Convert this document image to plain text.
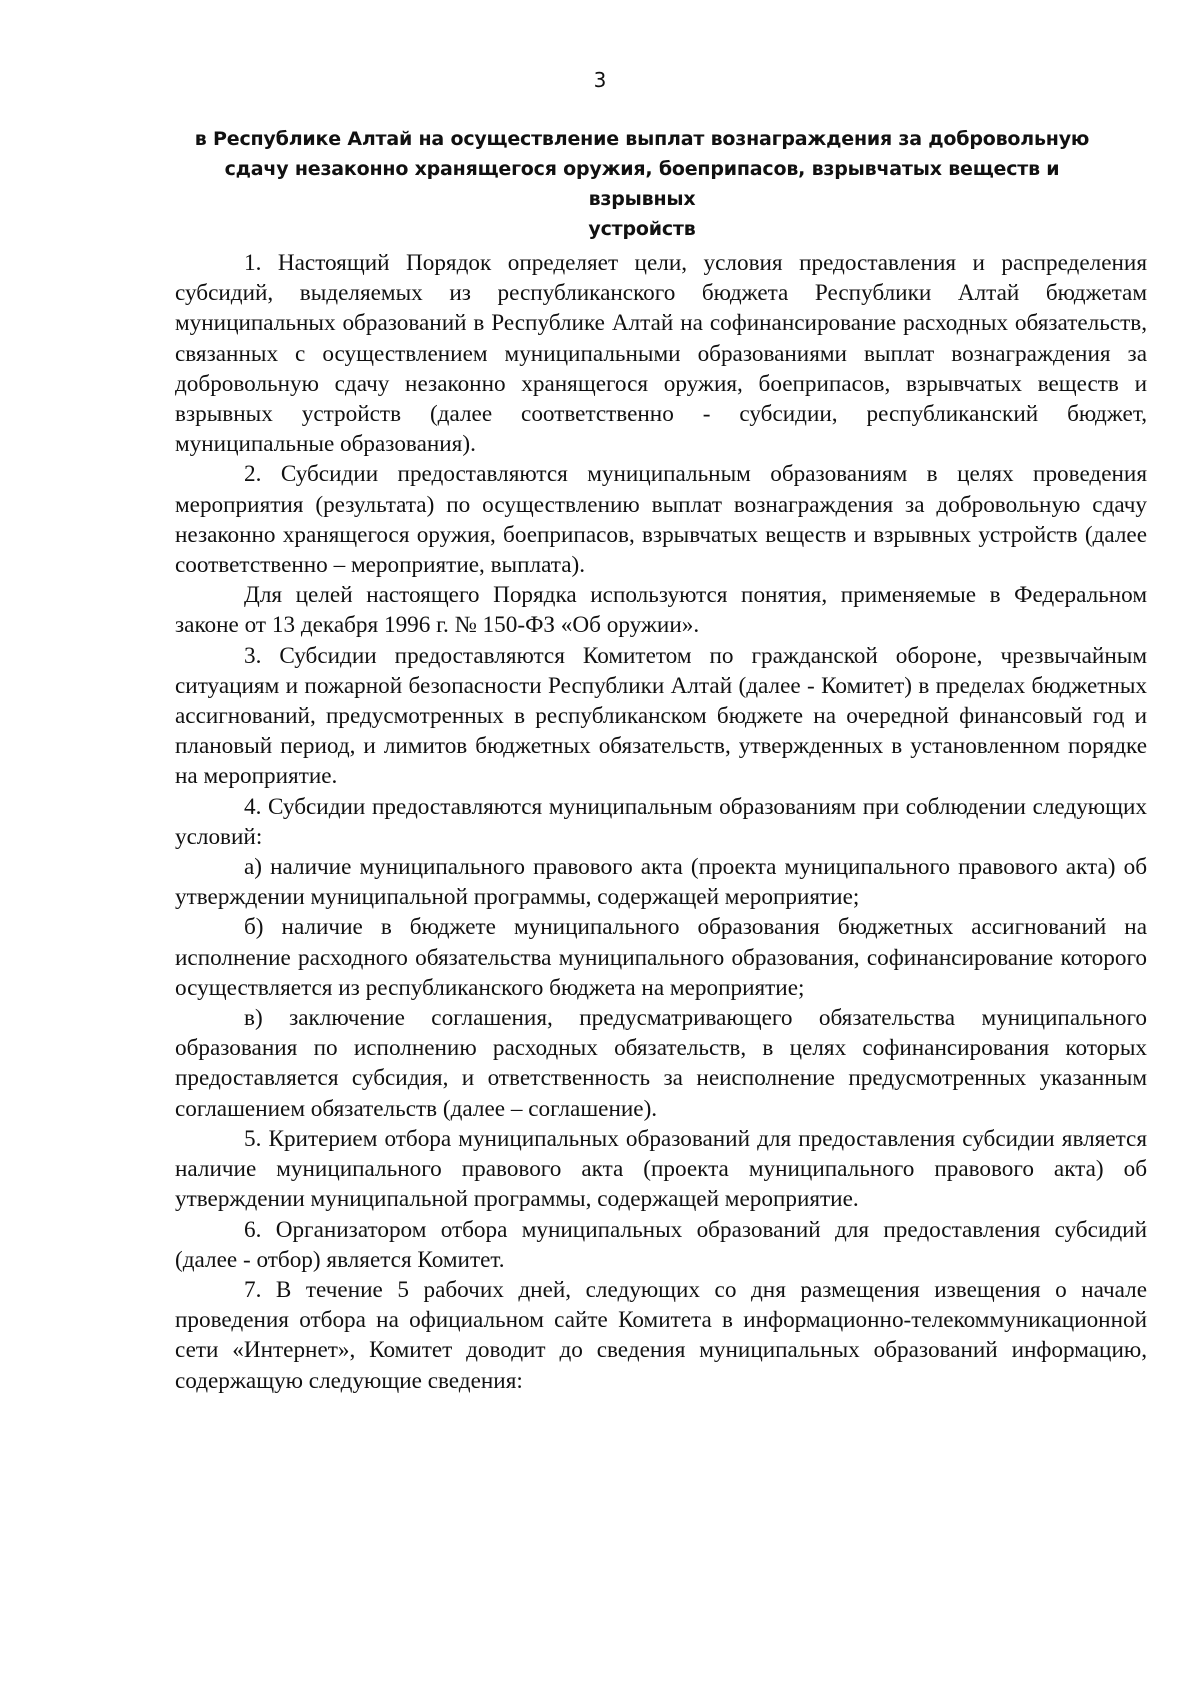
3
в Республике Алтай на осуществление выплат вознаграждения за добровольную
сдачу незаконно хранящегося оружия, боеприпасов, взрывчатых веществ и взрывных
устройств

1. Настоящий Порядок определяет цели, условия предоставления и распределения субсидий, выделяемых из республиканского бюджета Республики Алтай бюджетам муниципальных образований в Республике Алтай на софинансирование расходных обязательств, связанных с осуществлением муниципальными образованиями выплат вознаграждения за добровольную сдачу незаконно хранящегося оружия, боеприпасов, взрывчатых веществ и взрывных устройств (далее соответственно - субсидии, республиканский бюджет, муниципальные образования).

2. Субсидии предоставляются муниципальным образованиям в целях проведения мероприятия (результата) по осуществлению выплат вознаграждения за добровольную сдачу незаконно хранящегося оружия, боеприпасов, взрывчатых веществ и взрывных устройств (далее соответственно – мероприятие, выплата).

Для целей настоящего Порядка используются понятия, применяемые в Федеральном законе от 13 декабря 1996 г. № 150-ФЗ «Об оружии».

3. Субсидии предоставляются Комитетом по гражданской обороне, чрезвычайным ситуациям и пожарной безопасности Республики Алтай (далее - Комитет) в пределах бюджетных ассигнований, предусмотренных в республиканском бюджете на очередной финансовый год и плановый период, и лимитов бюджетных обязательств, утвержденных в установленном порядке на мероприятие.

4. Субсидии предоставляются муниципальным образованиям при соблюдении следующих условий:

а) наличие муниципального правового акта (проекта муниципального правового акта) об утверждении муниципальной программы, содержащей мероприятие;

б) наличие в бюджете муниципального образования бюджетных ассигнований на исполнение расходного обязательства муниципального образования, софинансирование которого осуществляется из республиканского бюджета на мероприятие;

в) заключение соглашения, предусматривающего обязательства муниципального образования по исполнению расходных обязательств, в целях софинансирования которых предоставляется субсидия, и ответственность за неисполнение предусмотренных указанным соглашением обязательств (далее – соглашение).

5. Критерием отбора муниципальных образований для предоставления субсидии является наличие муниципального правового акта (проекта муниципального правового акта) об утверждении муниципальной программы, содержащей мероприятие.

6. Организатором отбора муниципальных образований для предоставления субсидий (далее - отбор) является Комитет.

7. В течение 5 рабочих дней, следующих со дня размещения извещения о начале проведения отбора на официальном сайте Комитета в информационно-телекоммуникационной сети «Интернет», Комитет доводит до сведения муниципальных образований информацию, содержащую следующие сведения:
